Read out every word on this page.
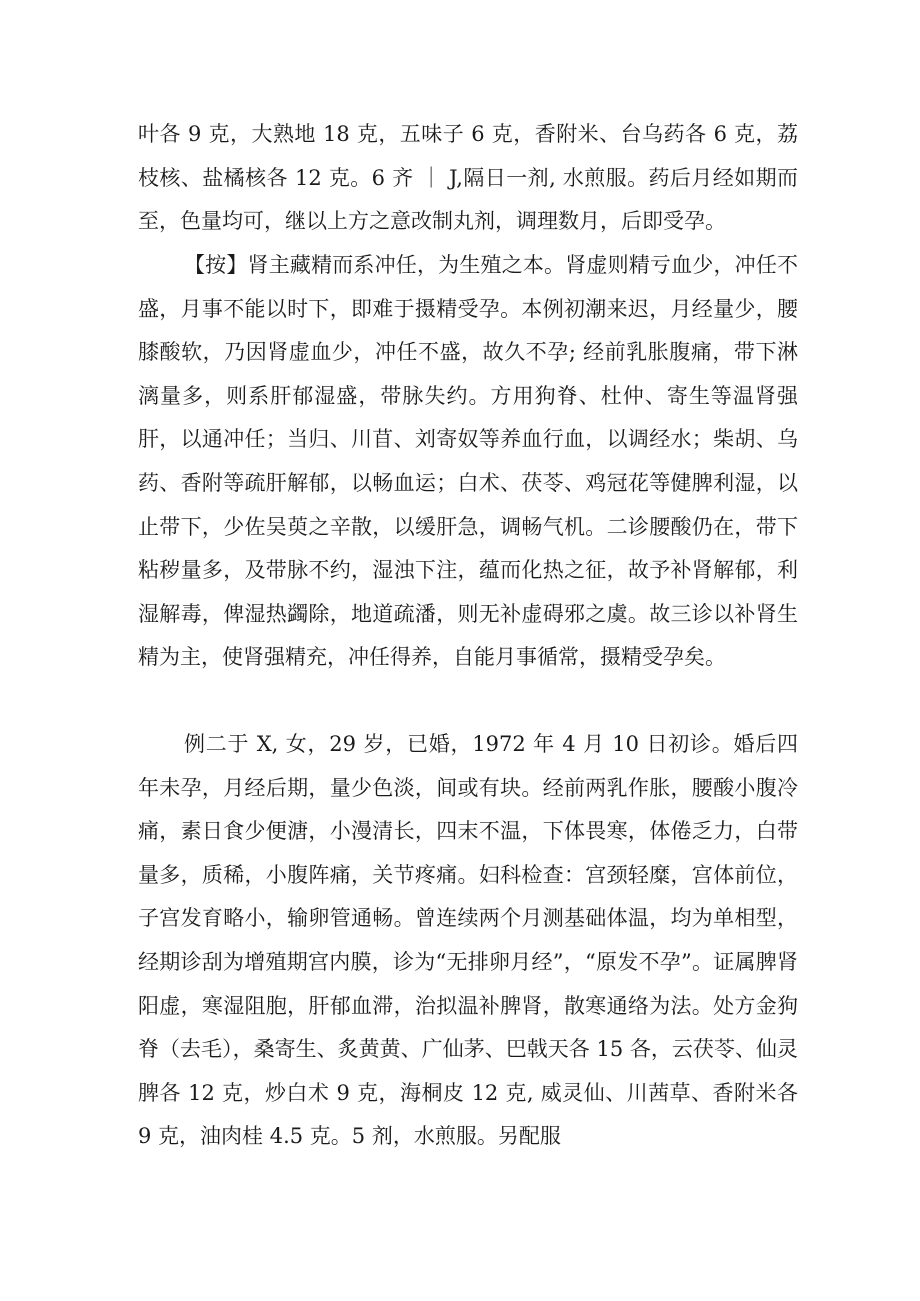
叶各 9 克，大熟地 18 克，五味子 6 克，香附米、台乌药各 6 克，荔枝核、盐橘核各 12 克。6 齐 ｜ J,隔日一剂, 水煎服。药后月经如期而至，色量均可，继以上方之意改制丸剂，调理数月，后即受孕。

【按】肾主藏精而系冲任，为生殖之本。肾虚则精亏血少，冲任不盛，月事不能以时下，即难于摄精受孕。本例初潮来迟，月经量少，腰膝酸软，乃因肾虚血少，冲任不盛，故久不孕; 经前乳胀腹痛，带下淋漓量多，则系肝郁湿盛，带脉失约。方用狗脊、杜仲、寄生等温肾强肝，以通冲任；当归、川苜、刘寄奴等养血行血，以调经水；柴胡、乌药、香附等疏肝解郁，以畅血运；白术、茯苓、鸡冠花等健脾利湿，以止带下，少佐吴萸之辛散，以缓肝急，调畅气机。二诊腰酸仍在，带下粘秽量多，及带脉不约，湿浊下注，蕴而化热之征，故予补肾解郁，利湿解毒，俾湿热蠲除，地道疏潘，则无补虚碍邪之虞。故三诊以补肾生精为主，使肾强精充，冲任得养，自能月事循常，摄精受孕矣。

例二于 X, 女，29 岁，已婚，1972 年 4 月 10 日初诊。婚后四年未孕，月经后期，量少色淡，间或有块。经前两乳作胀，腰酸小腹冷痛，素日食少便溏，小漫清长，四末不温，下体畏寒，体倦乏力，白带量多，质稀，小腹阵痛，关节疼痛。妇科检查：宫颈轻糜，宫体前位，子宫发育略小，输卵管通畅。曾连续两个月测基础体温，均为单相型，经期诊刮为增殖期宫内膜，诊为“无排卵月经”，“原发不孕”。证属脾肾阳虚，寒湿阻胞，肝郁血滞，治拟温补脾肾，散寒通络为法。处方金狗脊（去毛），桑寄生、炙黄黄、广仙茅、巴戟天各 15 各，云茯苓、仙灵脾各 12 克，炒白术 9 克，海桐皮 12 克, 威灵仙、川茜草、香附米各 9 克，油肉桂 4.5 克。5 剂，水煎服。另配服
